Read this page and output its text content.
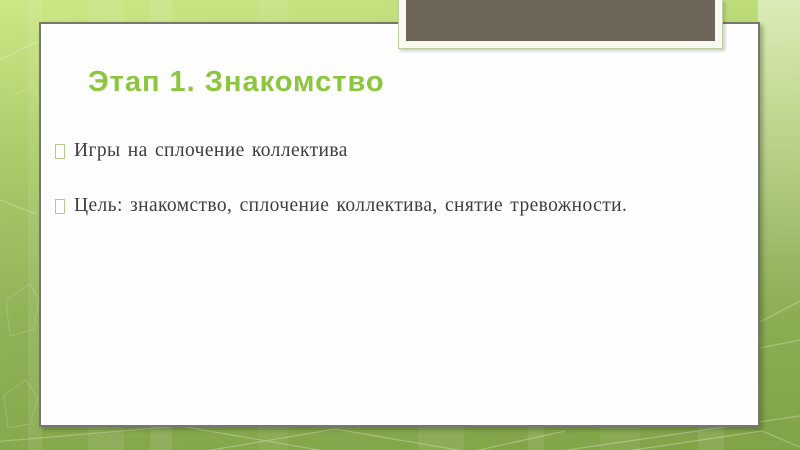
Этап 1. Знакомство
Игры на сплочение коллектива
Цель: знакомство, сплочение коллектива, снятие тревожности.
